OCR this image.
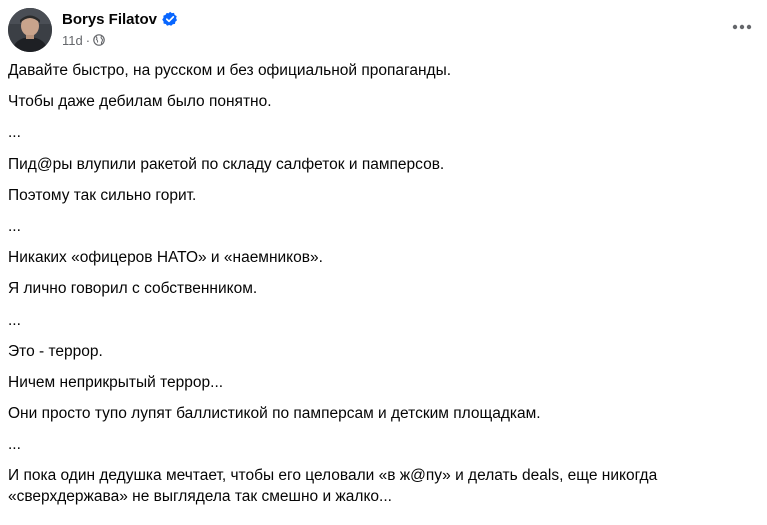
Borys Filatov
11d ·
Давайте быстро, на русском и без официальной пропаганды.
Чтобы даже дебилам было понятно.
...
Пид@ры влупили ракетой по складу салфеток и памперсов.
Поэтому так сильно горит.
...
Никаких «офицеров НАТО» и «наемников».
Я лично говорил с собственником.
...
Это - террор.
Ничем неприкрытый террор...
Они просто тупо лупят баллистикой по памперсам и детским площадкам.
...
И пока один дедушка мечтает, чтобы его целовали «в ж@пу» и делать deals, еще никогда «сверхдержава» не выглядела так смешно и жалко...
